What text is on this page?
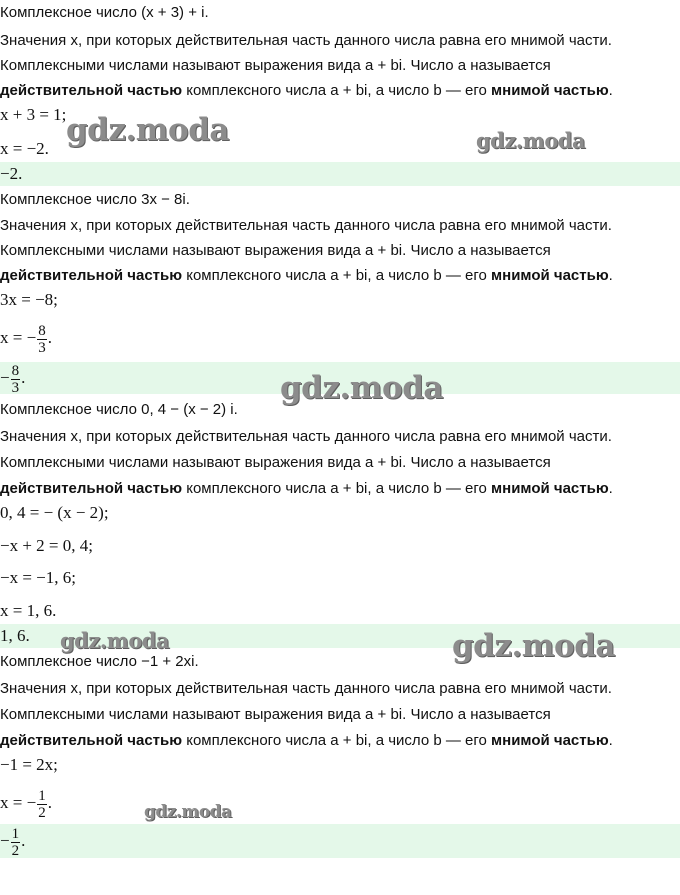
Комплексное число (x + 3) + i.
Значения x, при которых действительная часть данного числа равна его мнимой части.
Комплексными числами называют выражения вида a + bi. Число a называется
действительной частью комплексного числа a + bi, а число b — его мнимой частью.
x + 3 = 1;
x = −2.
−2.
Комплексное число 3x − 8i.
Значения x, при которых действительная часть данного числа равна его мнимой части.
Комплексными числами называют выражения вида a + bi. Число a называется
действительной частью комплексного числа a + bi, а число b — его мнимой частью.
3x = −8;
x = − $\frac{8}{3}$ .
− $\frac{8}{3}$ .
Комплексное число 0, 4 − (x − 2) i.
Значения x, при которых действительная часть данного числа равна его мнимой части.
Комплексными числами называют выражения вида a + bi. Число a называется
действительной частью комплексного числа a + bi, а число b — его мнимой частью.
0, 4 = − (x − 2);
−x + 2 = 0, 4;
−x = −1, 6;
x = 1, 6.
1, 6.
Комплексное число −1 + 2xi.
Значения x, при которых действительная часть данного числа равна его мнимой части.
Комплексными числами называют выражения вида a + bi. Число a называется
действительной частью комплексного числа a + bi, а число b — его мнимой частью.
−1 = 2x;
x = − $\frac{1}{2}$ .
− $\frac{1}{2}$ .
gdz.moda	gdz.moda
gdz.moda
gdz.moda	gdz.moda
gdz.moda
